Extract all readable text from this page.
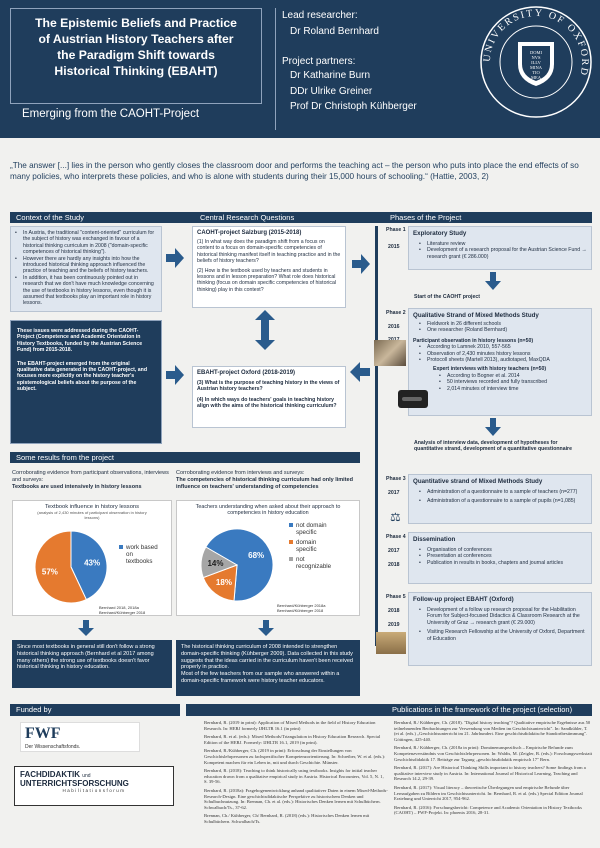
The Epistemic Beliefs and Practice
of Austrian History Teachers after
the Paradigm Shift towards
Historical Thinking (EBAHT)
Emerging from the CAOHT-Project
Lead researcher:
Dr Roland Bernhard
Project partners:
Dr Katharine Burn
DDr Ulrike Greiner
Prof Dr Christoph Kühberger
UNIVERSITY OF OXFORD
DOMI
NVS
ILLV
MINA
TIO
MEA
„The answer [...] lies in the person who gently closes the classroom door and performs the teaching act – the person who puts into place the end effects of so many policies, who interprets these policies, and who is alone with students during their 15,000 hours of schooling.“ (Hattie, 2003, 2)
Context of the Study	Central Research Questions	Phases of the Project
• In Austria, the traditional "content-oriented" curriculum for the subject of history was exchanged in favour of a historical thinking curriculum in 2008 ("domain-specific competences of historical thinking").
• However there are hardly any insights into how the introduced historical thinking approach influenced the practice of teaching and the beliefs of history teachers.
• In addition, it has been continuously pointed out in research that we don't have much knowledge concerning the use of textbooks in history lessons, even though it is assumed that textbooks play an important role in history lessons.

These issues were addressed during the CAOHT-Project (Competence and Academic Orientation in History Textbooks, funded by the Austrian Science Fund) from 2015-2018.

The EBAHT-project emerged from the original qualitative data generated in the CAOHT-project, and focuses more explicitly on the history teacher's epistemological beliefs about the purpose of the subject.

CAOHT-project Salzburg (2015-2018)

(1) In what way does the paradigm shift from a focus on content to a focus on domain-specific competencies of historical thinking manifest itself in teaching practice and in the beliefs of history teachers?

(2) How is the textbook used by teachers and students in lessons and in lesson preparation? What role does historical thinking (focus on domain specific competencies of historical thinking) play in this context?

EBAHT-project Oxford (2018-2019)

(3) What is the purpose of teaching history in the views of Austrian history teachers?

(4) In which ways do teachers' goals in teaching history align with the aims of the historical thinking curriculum?

Phase 1
2015
Exploratory Study
• Literature review
• Development of a research proposal for the Austrian Science Fund → research grant (€ 286.000)
Start of the CAOHT project
Phase 2
2016
Qualitative Strand of Mixed Methods Study
• Fieldwork in 26 different schools
• One researcher (Roland Bernhard)
Participant observation in history lessons (n=50)
• According to Lamnek 2010, 557-565
• Observation of 2,430 minutes history lessons
• Protocoll sheets (Martell 2013), audiotaped, MaxQDA
Expert interviews with history teachers (n=50)
• According to Bogner et al. 2014
• 50 interviews recorded and fully transcribed
• 2,014 minutes of interview time
Analysis of interview data, development of hypotheses for quantitative strand, development of a quantitative questionnaire
Phase 3
2017
Quantitative strand of Mixed Methods Study
• Administration of a questionnaire to a sample of teachers (n=277)
• Administration of a questionnaire to a sample of pupils (n=1,085)
⚖
Phase 4
2017
2018
Dissemination
• Organisation of conferences
• Presentation at conferences
• Publication in results in books, chapters and journal articles
Phase 5
2018
2019
Follow-up project EBAHT (Oxford)
• Development of a follow up research proposal for the Habilitation Forum for Subject-focused Didactics & Classroom Research at the University of Graz → research grant (€ 29.000)
• Visiting Research Fellowship at the University of Oxford, Department of Education
Some results from the project
Corroborating evidence from participant observations, interviews and surveys:
Textbooks are used intensively in history lessons
Corroborating evidence from interviews and surveys:
The competencies of historical thinking curriculum had only limited influence on teachers' understanding of competencies
Textbook influence in history lessons
(analysis of 2,430 minutes of participant observation in history lessons)
43%
57%
work based
on
textbooks
Bernhard 2018, 2018a
Bernhard/Kühberger 2018
Teachers understanding when asked about their approach to competencies in history education
68%
18%
14%
not domain
specific
domain
specific
not
recognizable
Bernhard/Kühberger 2018a
Bernhard/Kühberger 2018

Since most textbooks in general still don't follow a strong historical thinking approach (Bernhard et al 2017 among many others) the strong use of textbooks doesn't favor historical thinking in history education.

The historical thinking curriculum of 2008 intended to strengthen domain-specific thinking (Kühberger 2009). Data collected in this study suggests that the ideas carried in the curriculum haven't been received properly in practice.

Most of the few teachers from our sample who answered within a domain-specific framework were history teacher educators.

Funded by	Publications in the framework of the project (selection)
FWF
Der Wissenschaftsfonds.
FACHDIDAKTIK und
UNTERRICHTSFORSCHUNG
Habilitationsforum

Bernhard, R. (2019 in print): Application of Mixed Methods in the field of History Education Research. In: HERJ formerly IJHLTR 16.1 (in print)

Bernhard, R. et al. (eds.): Mixed Methods/Triangulation in History Education Research. Special Edition of the HERJ. Formerly: IJHLTR 16.1, 2019 (in print).

Bernhard, R./Kühberger, Ch. (2019 in print): Erforschung der Einstellungen von Geschichtslehrpersonen zu fachspezifischer Kompetenzorientierung. In: Schreiber, W. et al. (eds.): Kompetent machen für ein Leben in, mit und durch Geschichte. Münster.

Bernhard, R. (2018): Teaching to think historically using textbooks. Insights for initial teacher education drawn from a qualitative empirical study in Austria. Historical Encounters, Vol. 5, N. 1, S. 39-56.

Bernhard, R. (2018a): Fragebogenentwicklung anhand qualitativer Daten in einem Mixed-Methods-Research-Design. Eine geschichtsdidaktische Perspektive zu historischem Denken und Schulbuchnutzung. In: Brennan, Ch. et al. (eds.): Historisches Denken lernen mit Schulbüchern. Schwalbach/Ts., 37-62.

Brennan, Ch./ Kühberger, Ch/ Bernhard, R. (2018) (eds.): Historisches Denken lernen mit Schulbüchern. Schwalbach/Ts.

Bernhard, R./ Kühberger, Ch. (2018). "Digital history teaching"? Qualitative empirische Ergebnisse aus 50 teilnehmenden Beobachtungen zur Verwendung von Medien im Geschichtsunterricht". In: Sandkühler, T. (et al. (eds.) „Geschichtsunterricht im 21. Jahrhundert. Eine geschichtsdidaktische Standortbestimmung". Göttingen, 425-440.

Bernhard, R./ Kühberger, Ch. (2018a in print): Domänenunspezifisch – Empirische Befunde zum Kompetenzverständnis von Geschichtslehrpersonen. In: Waldis, M. (Zeigler, B. (eds.): Forschungswerkstatt Geschichtsdidaktik 17. Beiträge zur Tagung „geschichtsdidaktik empirisch 17" Bern.

Bernhard, R. (2017): Are Historical Thinking Skills important to history teachers? Some findings from a qualitative interview study in Austria. In: International Journal of Historical Learning, Teaching and Research 14.2, 29-39.

Bernhard, R. (2017): Visual literacy – theoretische Überlegungen und empirische Befunde über Lernaufgaben zu Bildern im Geschichtsunterricht. In: Bernhard, R. et al. (eds.) Special Edition Journal Erziehung und Unterricht 2017, 954-962.

Bernhard, R. (2016): Forschungsbericht: Competence and Academic Orientation in History Textbooks (CAOHT) – FWF-Projekt. In: phoenix 2016, 28-31.
